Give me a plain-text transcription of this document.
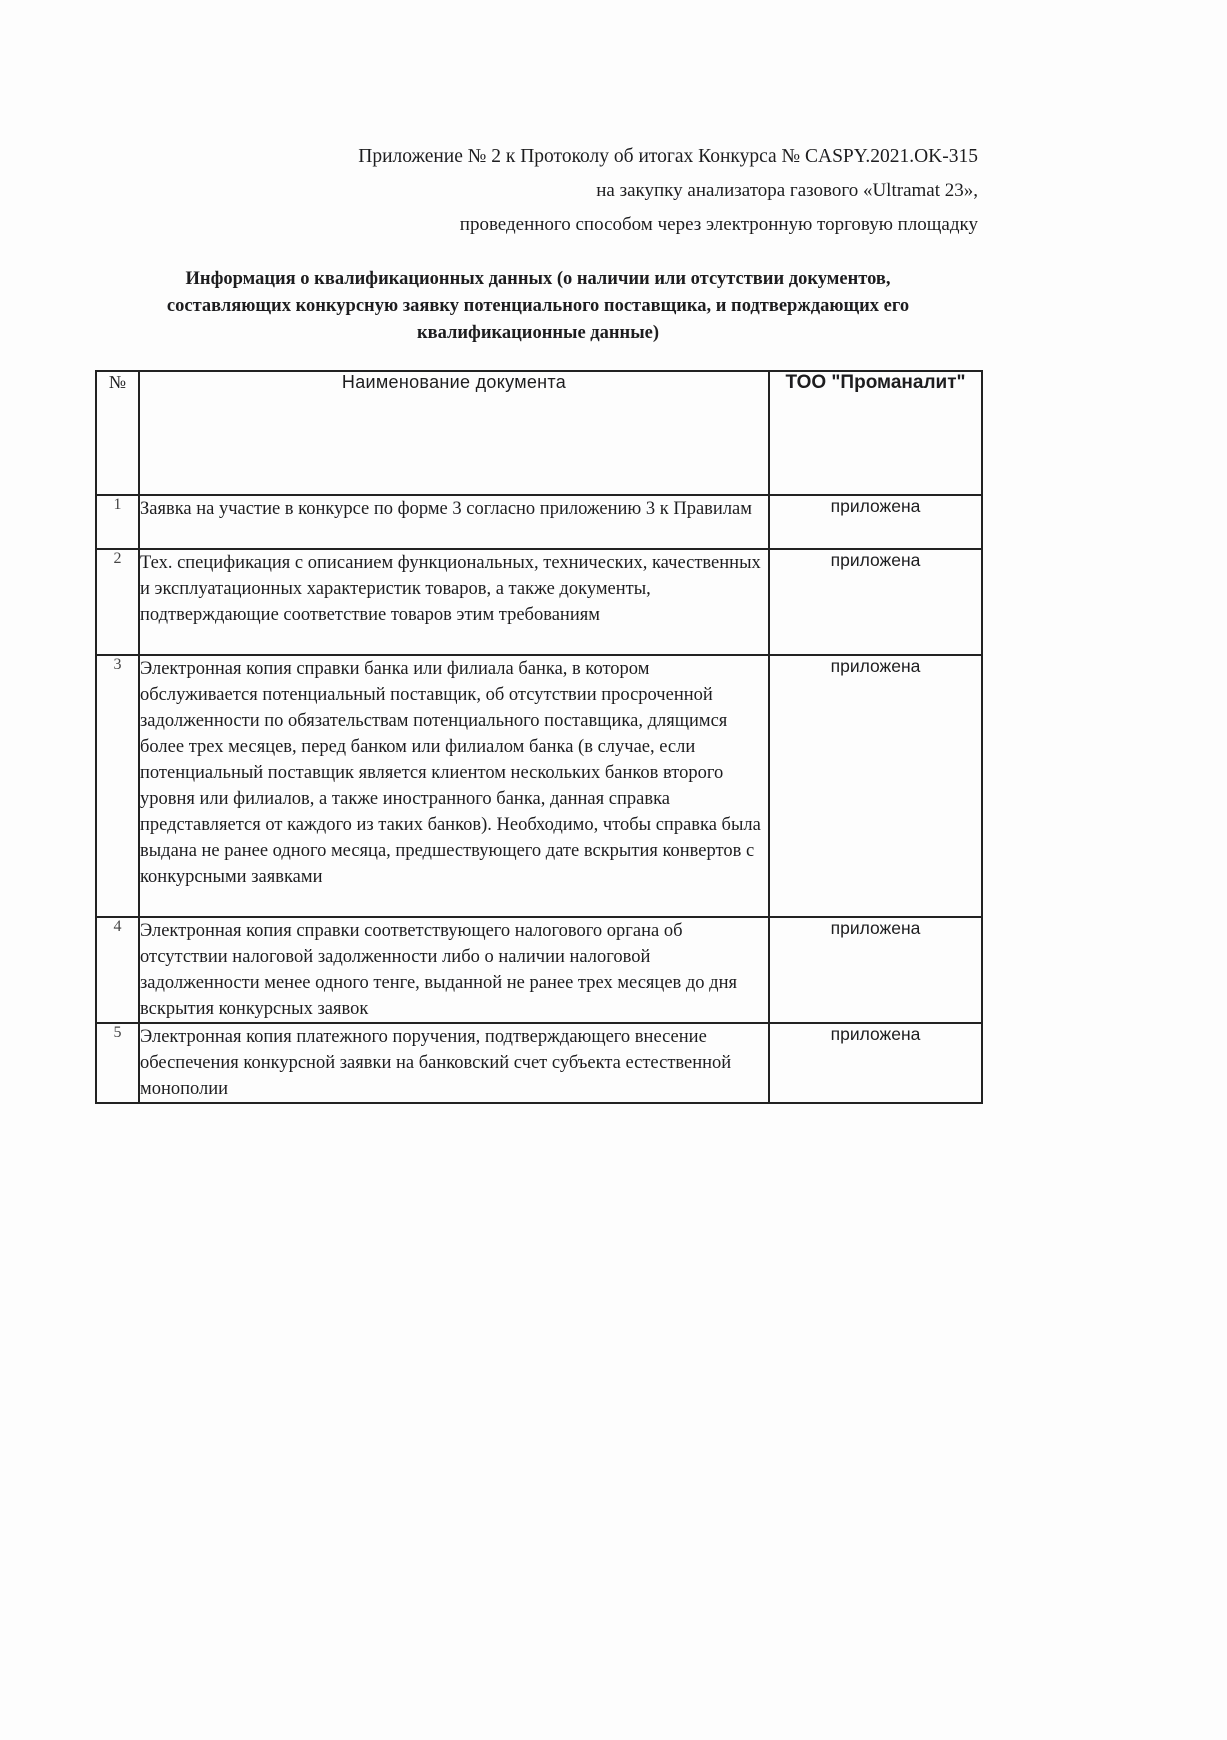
Приложение № 2 к Протоколу об итогах Конкурса № CASPY.2021.OK-315
на закупку анализатора газового «Ultramat 23»,
проведенного способом через электронную торговую площадку
Информация о квалификационных данных (о наличии или отсутствии документов,
составляющих конкурсную заявку потенциального поставщика, и подтверждающих его
квалификационные данные)
№	Наименование документа	ТОО "Проманалит"
1	Заявка на участие в конкурсе по форме 3 согласно приложению 3 к Правилам	приложена
2	Тех. спецификация с описанием функциональных, технических, качественных и эксплуатационных характеристик товаров, а также документы, подтверждающие соответствие товаров этим требованиям	приложена
3	Электронная копия справки банка или филиала банка, в котором обслуживается потенциальный поставщик, об отсутствии просроченной задолженности по обязательствам потенциального поставщика, длящимся более трех месяцев, перед банком или филиалом банка (в случае, если потенциальный поставщик является клиентом нескольких банков второго уровня или филиалов, а также иностранного банка, данная справка представляется от каждого из таких банков). Необходимо, чтобы справка была выдана не ранее одного месяца, предшествующего дате вскрытия конвертов с конкурсными заявками	приложена
4	Электронная копия справки соответствующего налогового органа об отсутствии налоговой задолженности либо о наличии налоговой задолженности менее одного тенге, выданной не ранее трех месяцев до дня вскрытия конкурсных заявок	приложена
5	Электронная копия платежного поручения, подтверждающего внесение обеспечения конкурсной заявки на банковский счет субъекта естественной монополии	приложена
